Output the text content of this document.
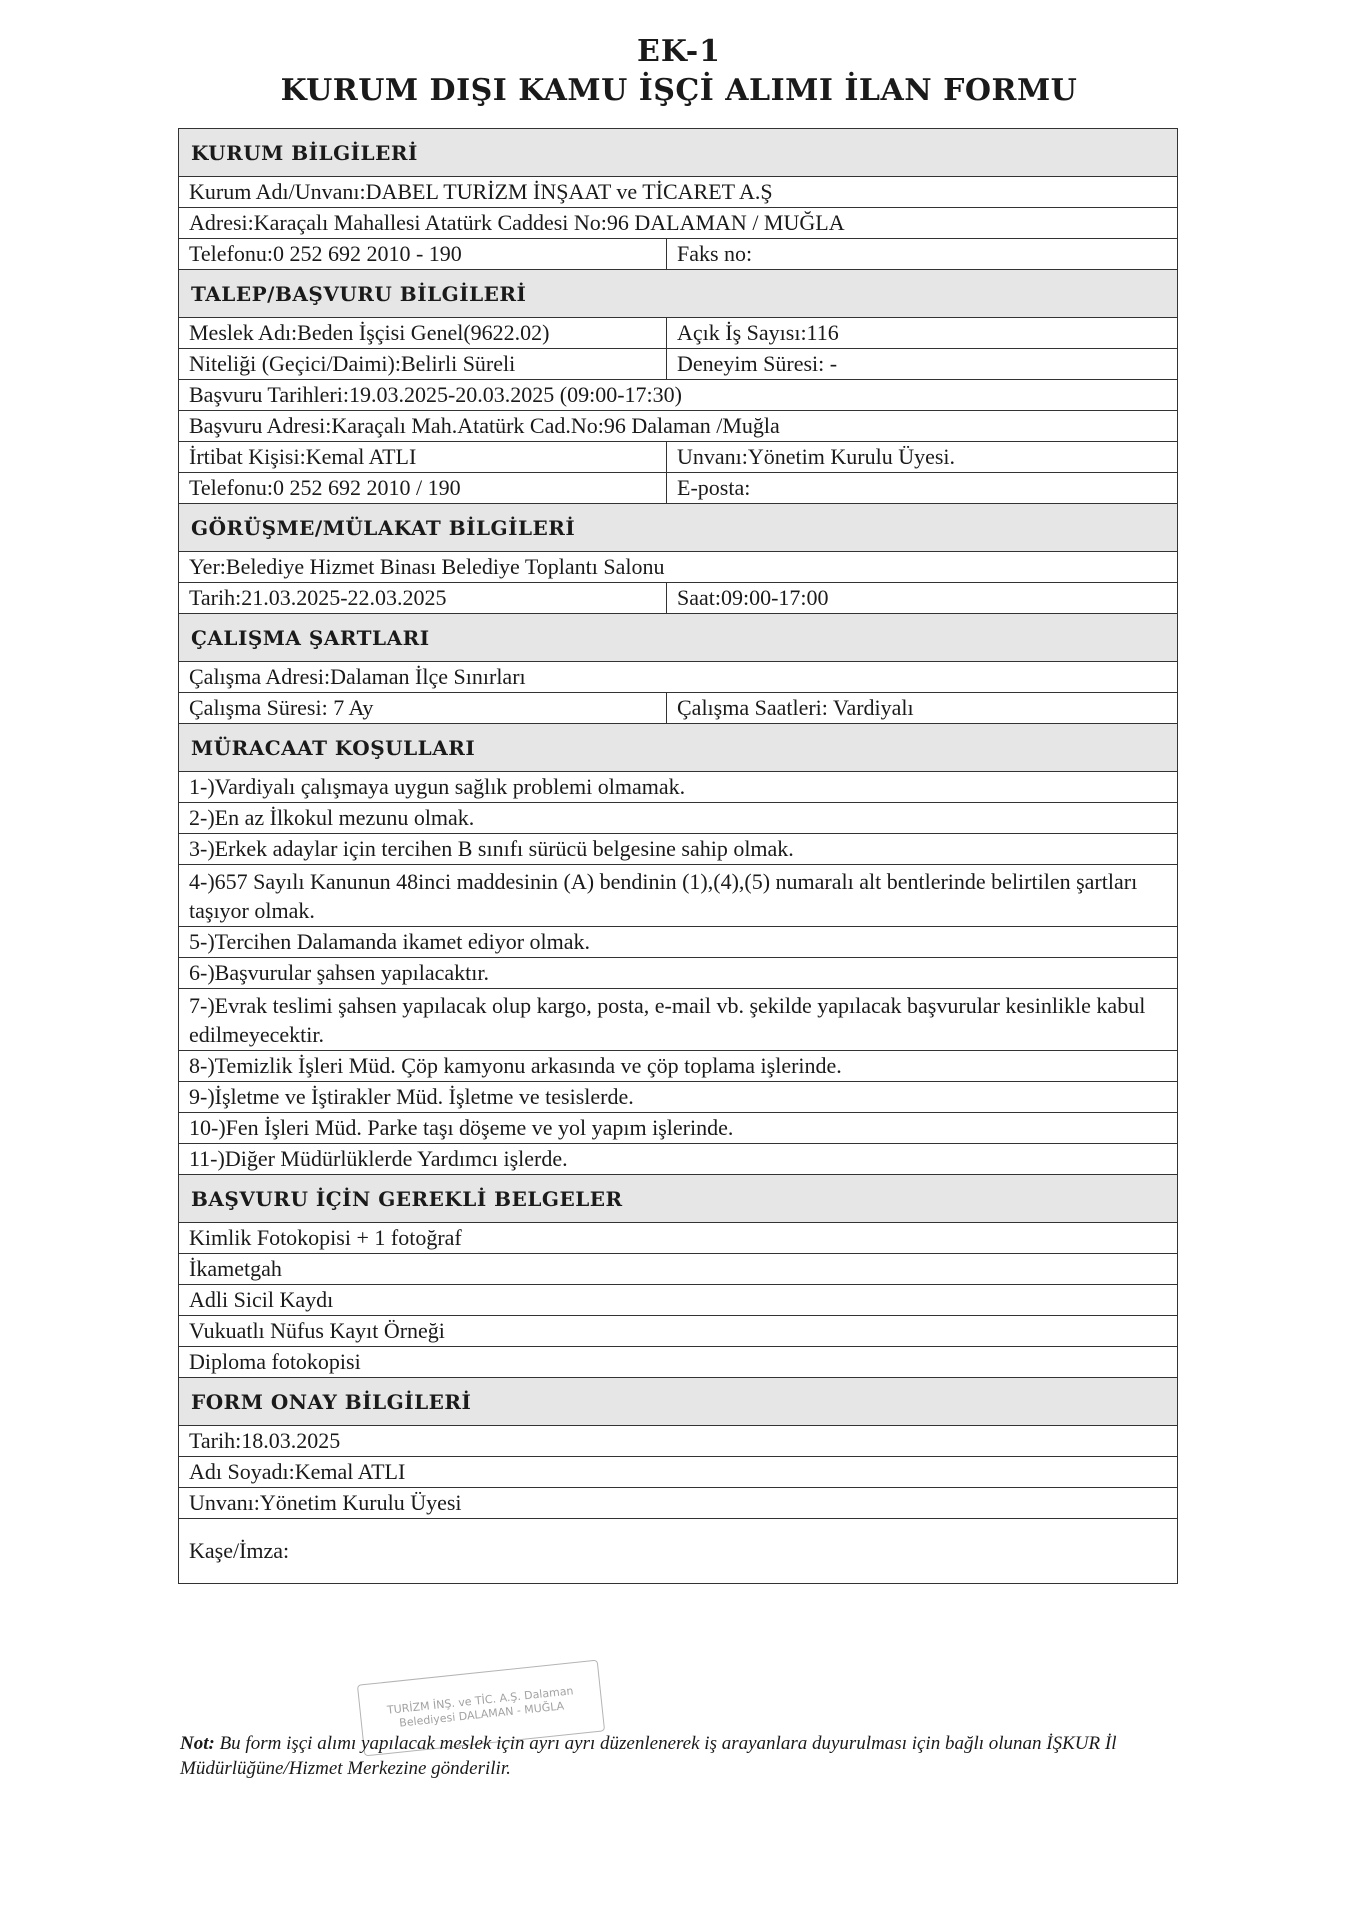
EK-1
KURUM DIŞI KAMU İŞÇİ ALIMI İLAN FORMU
KURUM BİLGİLERİ
Kurum Adı/Unvanı:DABEL TURİZM İNŞAAT ve TİCARET A.Ş
Adresi:Karaçalı Mahallesi Atatürk Caddesi No:96 DALAMAN / MUĞLA
Telefonu:0 252 692 2010 - 190	Faks no:
TALEP/BAŞVURU BİLGİLERİ
Meslek Adı:Beden İşçisi Genel(9622.02)	Açık İş Sayısı:116
Niteliği (Geçici/Daimi):Belirli Süreli	Deneyim Süresi: -
Başvuru Tarihleri:19.03.2025-20.03.2025 (09:00-17:30)
Başvuru Adresi:Karaçalı Mah.Atatürk Cad.No:96 Dalaman /Muğla
İrtibat Kişisi:Kemal ATLI	Unvanı:Yönetim Kurulu Üyesi.
Telefonu:0 252 692 2010 / 190	E-posta:
GÖRÜŞME/MÜLAKAT BİLGİLERİ
Yer:Belediye Hizmet Binası Belediye Toplantı Salonu
Tarih:21.03.2025-22.03.2025	Saat:09:00-17:00
ÇALIŞMA ŞARTLARI
Çalışma Adresi:Dalaman İlçe Sınırları
Çalışma Süresi: 7 Ay	Çalışma Saatleri: Vardiyalı
MÜRACAAT KOŞULLARI
1-)Vardiyalı çalışmaya uygun sağlık problemi olmamak.
2-)En az İlkokul mezunu olmak.
3-)Erkek adaylar için tercihen B sınıfı sürücü belgesine sahip olmak.
4-)657 Sayılı Kanunun 48inci maddesinin (A) bendinin (1),(4),(5) numaralı alt bentlerinde belirtilen şartları taşıyor olmak.
5-)Tercihen Dalamanda ikamet ediyor olmak.
6-)Başvurular şahsen yapılacaktır.
7-)Evrak teslimi şahsen yapılacak olup kargo, posta, e-mail vb. şekilde yapılacak başvurular kesinlikle kabul edilmeyecektir.
8-)Temizlik İşleri Müd. Çöp kamyonu arkasında ve çöp toplama işlerinde.
9-)İşletme ve İştirakler Müd. İşletme ve tesislerde.
10-)Fen İşleri Müd. Parke taşı döşeme ve yol yapım işlerinde.
11-)Diğer Müdürlüklerde Yardımcı işlerde.
BAŞVURU İÇİN GEREKLİ BELGELER
Kimlik Fotokopisi + 1 fotoğraf
İkametgah
Adli Sicil Kaydı
Vukuatlı Nüfus Kayıt Örneği
Diploma fotokopisi
FORM ONAY BİLGİLERİ
Tarih:18.03.2025
Adı Soyadı:Kemal ATLI
Unvanı:Yönetim Kurulu Üyesi
Kaşe/İmza:
TURİZM İNŞ. ve TİC. A.Ş. Dalaman Belediyesi DALAMAN - MUĞLA
Not: Bu form işçi alımı yapılacak meslek için ayrı ayrı düzenlenerek iş arayanlara duyurulması için bağlı olunan İŞKUR İl Müdürlüğüne/Hizmet Merkezine gönderilir.
